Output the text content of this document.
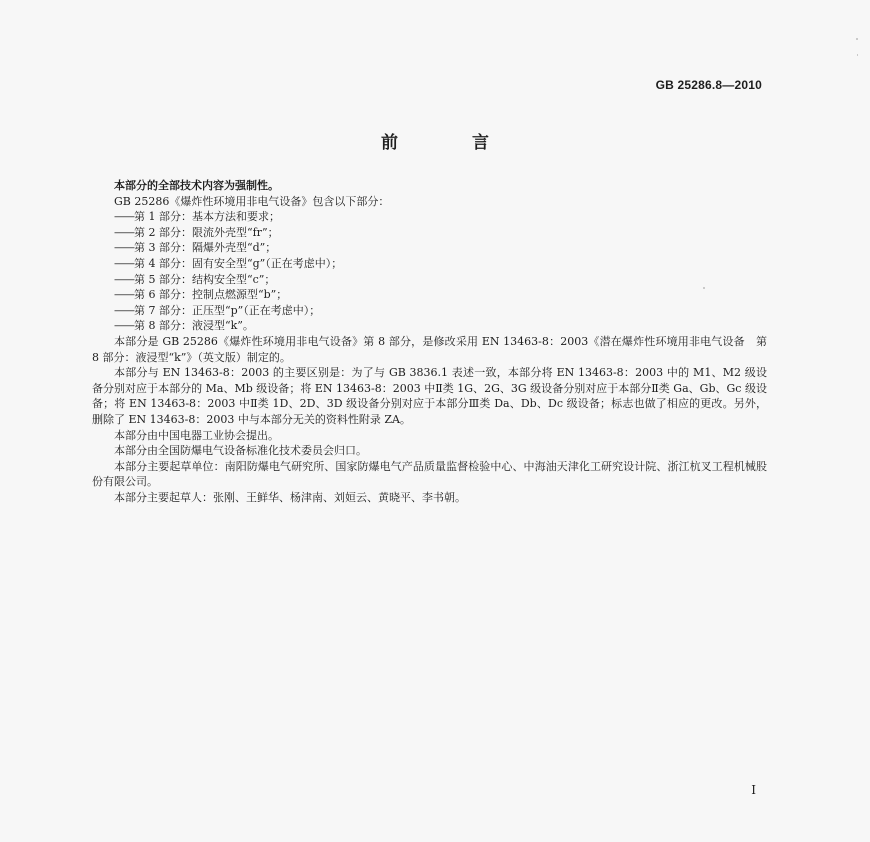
GB 25286.8—2010
前 言

本部分的全部技术内容为强制性。

GB 25286《爆炸性环境用非电气设备》包含以下部分：

——第 1 部分：基本方法和要求；

——第 2 部分：限流外壳型“fr”；

——第 3 部分：隔爆外壳型“d”；

——第 4 部分：固有安全型“g”（正在考虑中）；

——第 5 部分：结构安全型“c”；

——第 6 部分：控制点燃源型“b”；

——第 7 部分：正压型“p”（正在考虑中）；

——第 8 部分：液浸型“k”。

本部分是 GB 25286《爆炸性环境用非电气设备》第 8 部分，是修改采用 EN 13463-8：2003《潜在爆炸性环境用非电气设备　第 8 部分：液浸型“k”》（英文版）制定的。

本部分与 EN 13463-8：2003 的主要区别是：为了与 GB 3836.1 表述一致，本部分将 EN 13463-8：2003 中的 M1、M2 级设备分别对应于本部分的 Ma、Mb 级设备；将 EN 13463-8：2003 中Ⅱ类 1G、2G、3G 级设备分别对应于本部分Ⅱ类 Ga、Gb、Gc 级设备；将 EN 13463-8：2003 中Ⅱ类 1D、2D、3D 级设备分别对应于本部分Ⅲ类 Da、Db、Dc 级设备；标志也做了相应的更改。另外，删除了 EN 13463-8：2003 中与本部分无关的资料性附录 ZA。

本部分由中国电器工业协会提出。

本部分由全国防爆电气设备标准化技术委员会归口。

本部分主要起草单位：南阳防爆电气研究所、国家防爆电气产品质量监督检验中心、中海油天津化工研究设计院、浙江杭叉工程机械股份有限公司。

本部分主要起草人：张刚、王鲜华、杨津南、刘姮云、黄晓平、李书朝。

I
